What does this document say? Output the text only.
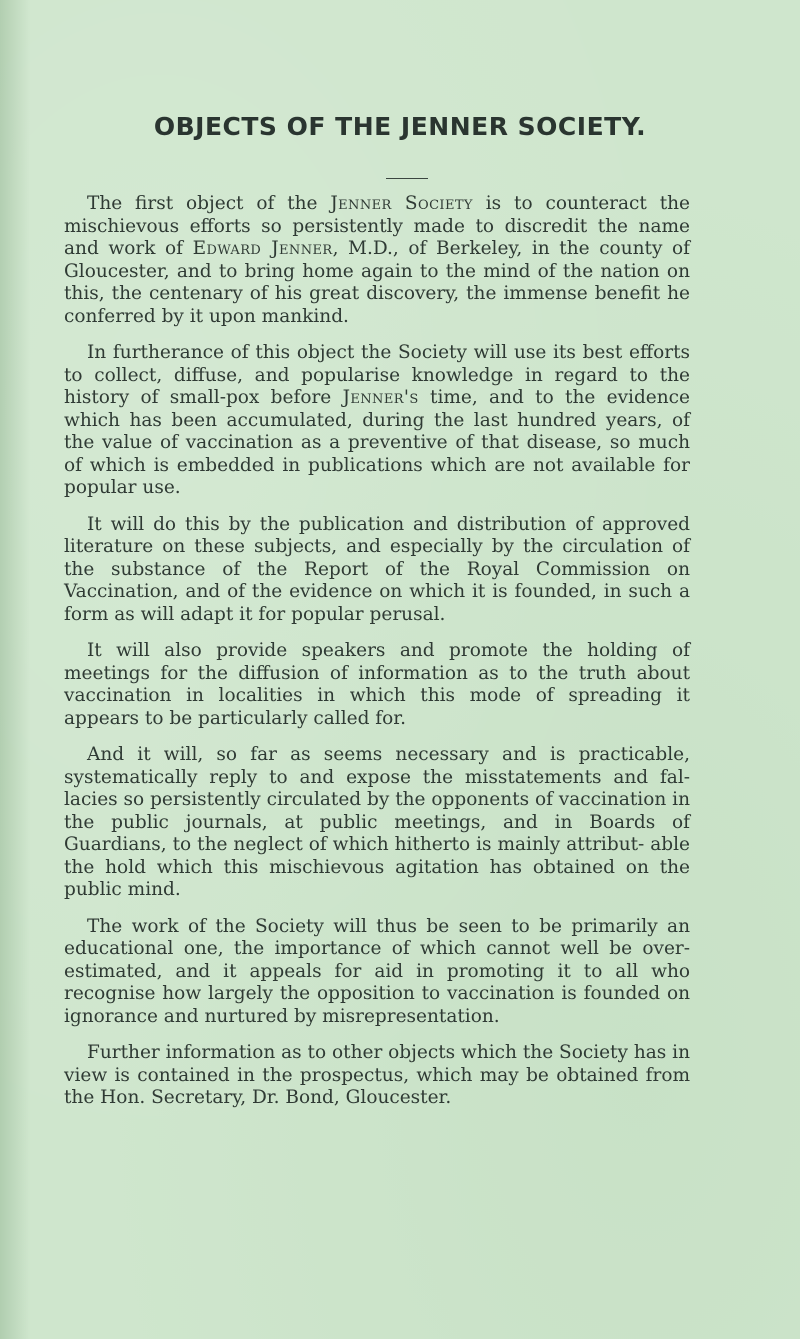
OBJECTS OF THE JENNER SOCIETY.

The first object of the Jenner Society is to counteract the mischievous efforts so persistently made to discredit the name and work of Edward Jenner, M.D., of Berkeley, in the county of Gloucester, and to bring home again to the mind of the nation on this, the centenary of his great discovery, the immense benefit he conferred by it upon mankind.

In furtherance of this object the Society will use its best efforts to collect, diffuse, and popularise knowledge in regard to the history of small-pox before Jenner's time, and to the evidence which has been accumulated, during the last hundred years, of the value of vaccination as a preventive of that disease, so much of which is embedded in publications which are not available for popular use.

It will do this by the publication and distribution of approved literature on these subjects, and especially by the circulation of the substance of the Report of the Royal Commission on Vaccination, and of the evidence on which it is founded, in such a form as will adapt it for popular perusal.

It will also provide speakers and promote the holding of meetings for the diffusion of information as to the truth about vaccination in localities in which this mode of spreading it appears to be particularly called for.

And it will, so far as seems necessary and is practicable, systematically reply to and expose the misstatements and fal- lacies so persistently circulated by the opponents of vaccination in the public journals, at public meetings, and in Boards of Guardians, to the neglect of which hitherto is mainly attribut- able the hold which this mischievous agitation has obtained on the public mind.

The work of the Society will thus be seen to be primarily an educational one, the importance of which cannot well be over-estimated, and it appeals for aid in promoting it to all who recognise how largely the opposition to vaccination is founded on ignorance and nurtured by misrepresentation.

Further information as to other objects which the Society has in view is contained in the prospectus, which may be obtained from the Hon. Secretary, Dr. Bond, Gloucester.
